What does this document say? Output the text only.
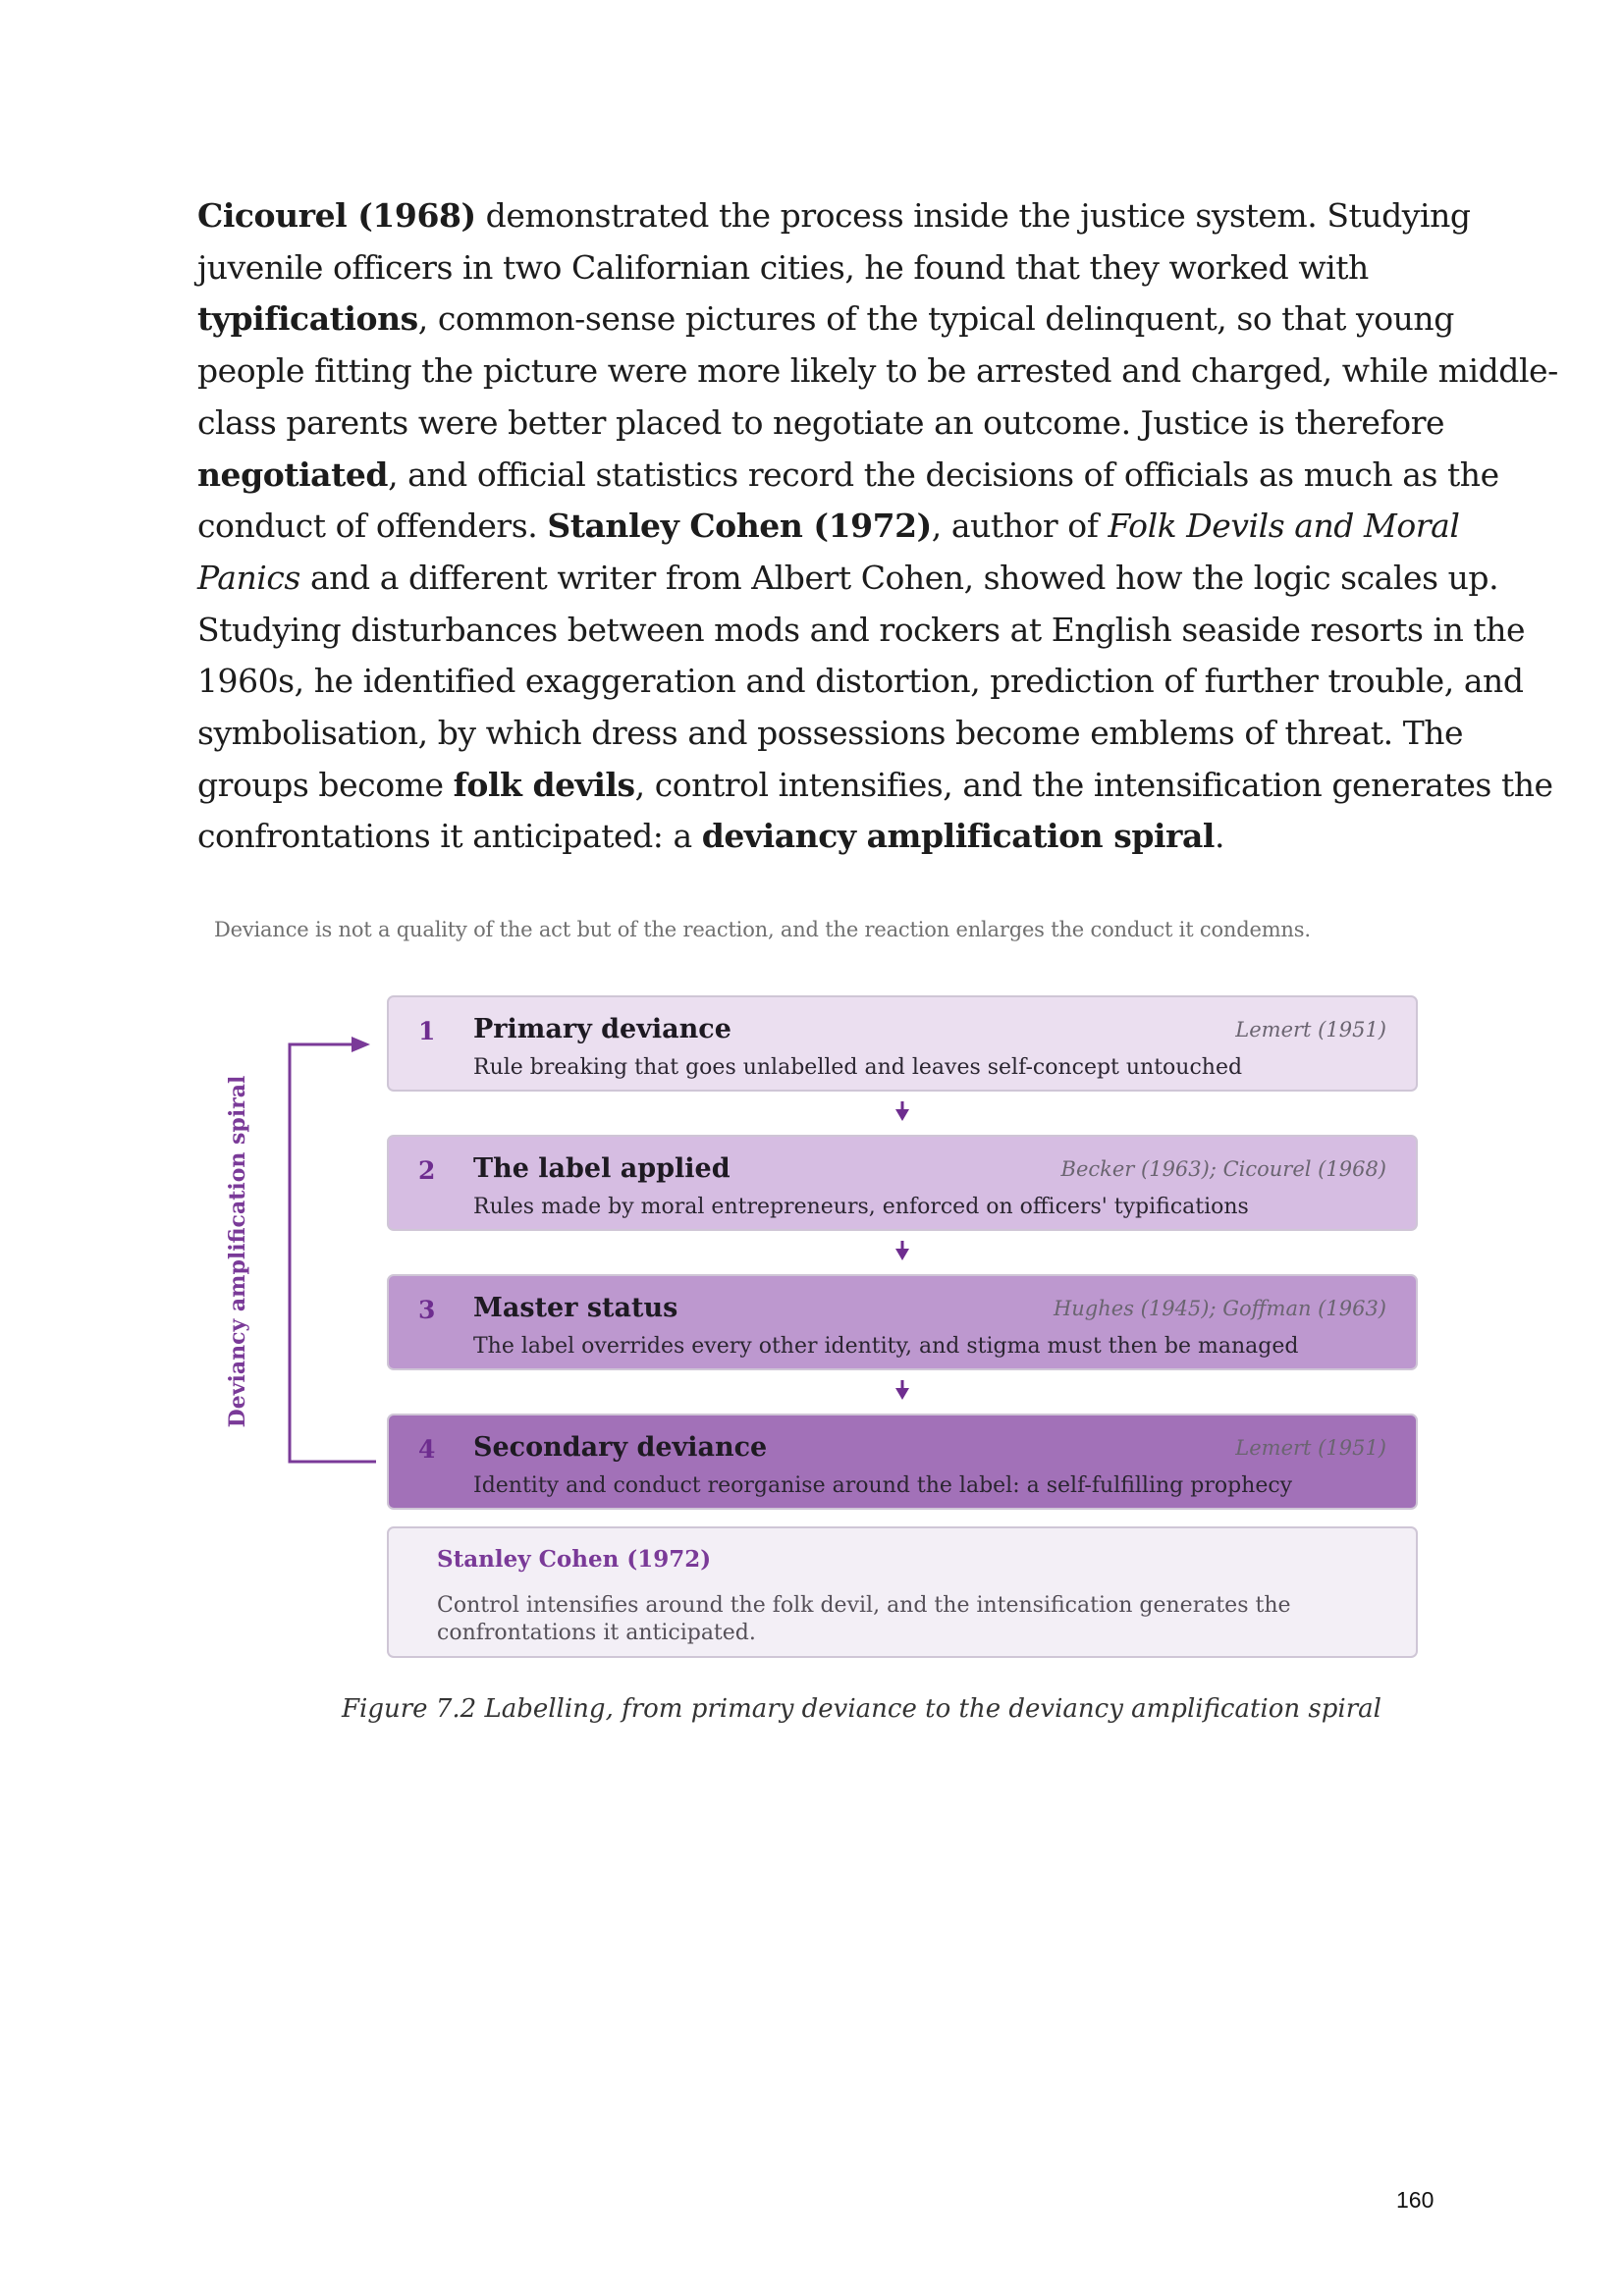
Cicourel (1968) demonstrated the process inside the justice system. Studying
juvenile officers in two Californian cities, he found that they worked with
typifications, common-sense pictures of the typical delinquent, so that young
people fitting the picture were more likely to be arrested and charged, while middle-
class parents were better placed to negotiate an outcome. Justice is therefore
negotiated, and official statistics record the decisions of officials as much as the
conduct of offenders. Stanley Cohen (1972), author of Folk Devils and Moral
Panics and a different writer from Albert Cohen, showed how the logic scales up.
Studying disturbances between mods and rockers at English seaside resorts in the
1960s, he identified exaggeration and distortion, prediction of further trouble, and
symbolisation, by which dress and possessions become emblems of threat. The
groups become folk devils, control intensifies, and the intensification generates the
confrontations it anticipated: a deviancy amplification spiral.
Deviance is not a quality of the act but of the reaction, and the reaction enlarges the conduct it condemns.
Deviancy amplification spiral
1 Primary deviance	Lemert (1951)
Rule breaking that goes unlabelled and leaves self-concept untouched
2 The label applied	Becker (1963); Cicourel (1968)
Rules made by moral entrepreneurs, enforced on officers' typifications
3 Master status	Hughes (1945); Goffman (1963)
The label overrides every other identity, and stigma must then be managed
4 Secondary deviance	Lemert (1951)
Identity and conduct reorganise around the label: a self-fulfilling prophecy
Stanley Cohen (1972)
Control intensifies around the folk devil, and the intensification generates the confrontations it anticipated.
Figure 7.2 Labelling, from primary deviance to the deviancy amplification spiral
160
